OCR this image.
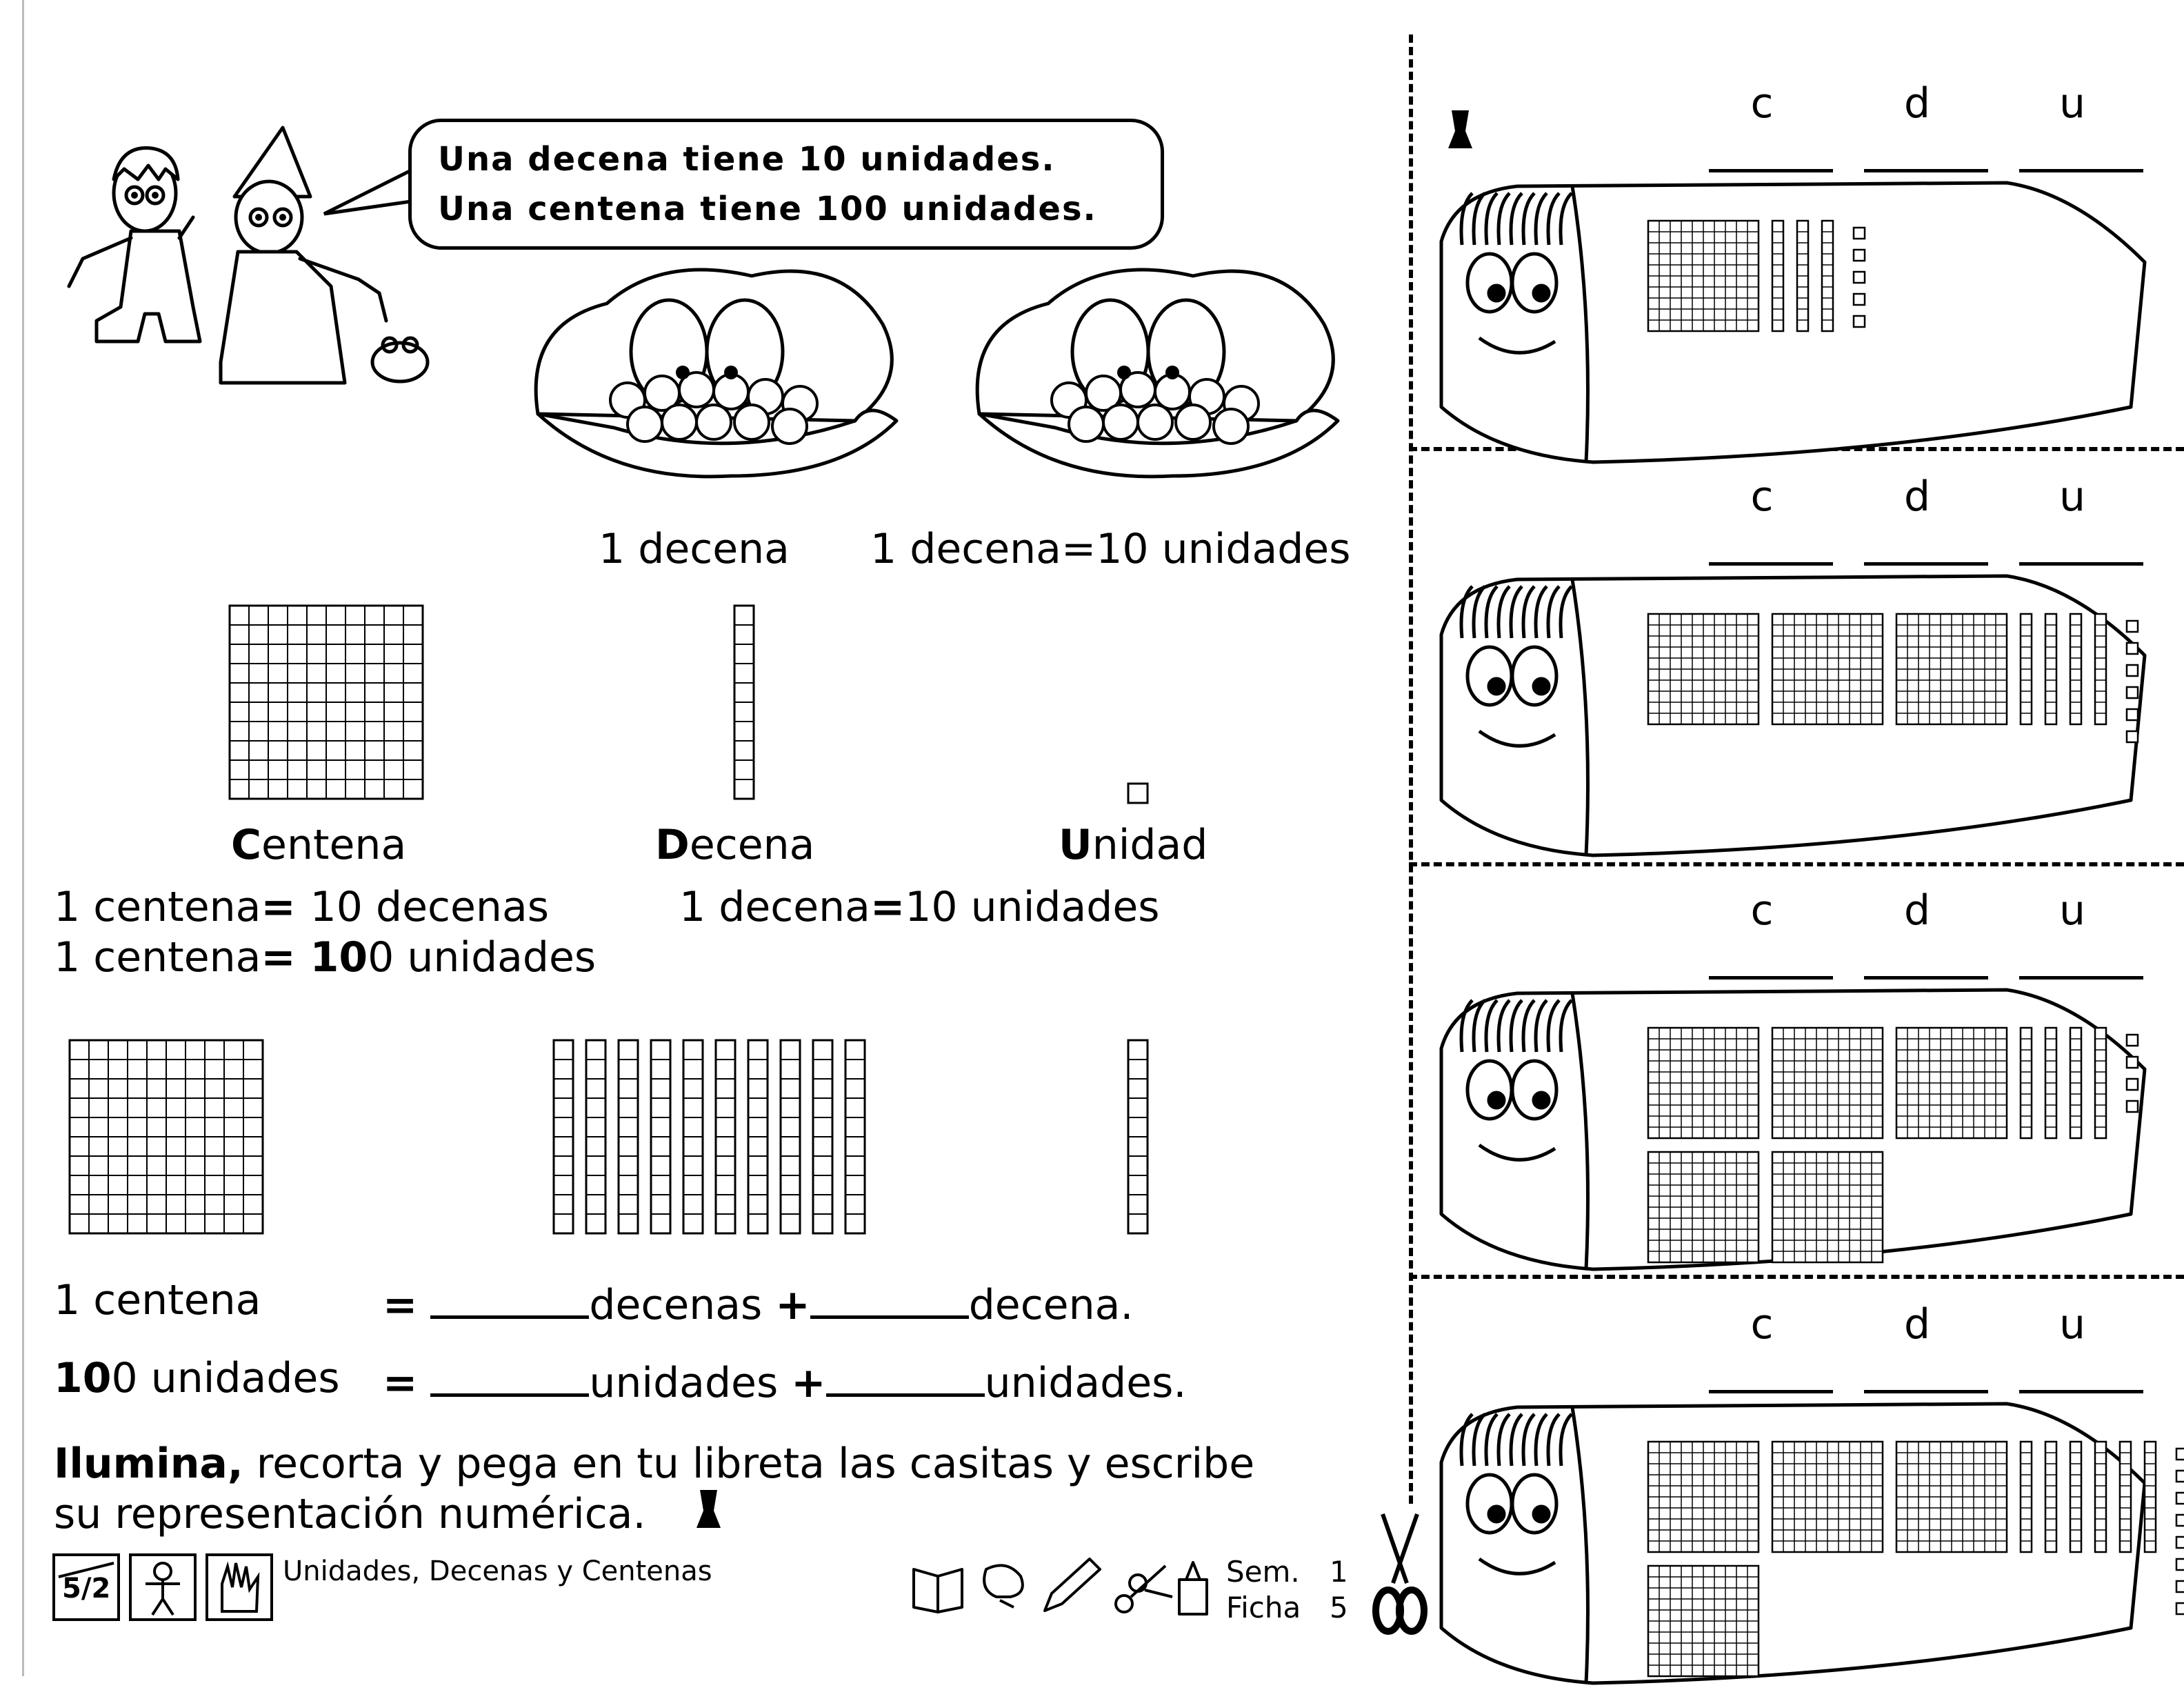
Una decena tiene 10 unidades.
Una centena tiene 100 unidades.
1 decena 1 decena=10 unidades
Centena	Decena	Unidad
1 centena= 10 decenas	1 decena=10 unidades
1 centena= 100 unidades
1 centena	=	decenas +	decena.
100 unidades =	unidades +	unidades.
Ilumina, recorta y pega en tu libreta las casitas y escribe
su representación numérica.
5/2
Unidades, Decenas y Centenas	Sem. 1
Ficha 5
c	d	u
c	d	u
c	d	u
c	d	u
